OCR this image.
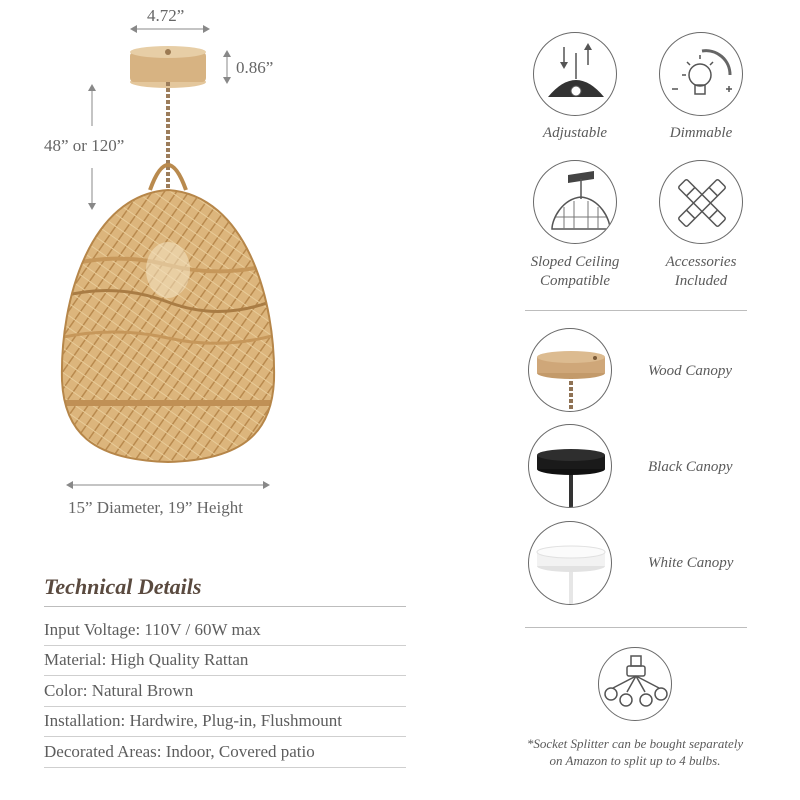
4.72”
0.86”
48” or 120”
15” Diameter, 19” Height
Technical Details
Input Voltage: 110V / 60W max
Material: High Quality Rattan
Color: Natural Brown
Installation: Hardwire, Plug-in, Flushmount
Decorated Areas: Indoor, Covered patio
Adjustable	Dimmable
Sloped Ceiling
Compatible
Accessories
Included
Wood Canopy
Black Canopy
White Canopy
*Socket Splitter can be bought separately
on Amazon to split up to 4 bulbs.
